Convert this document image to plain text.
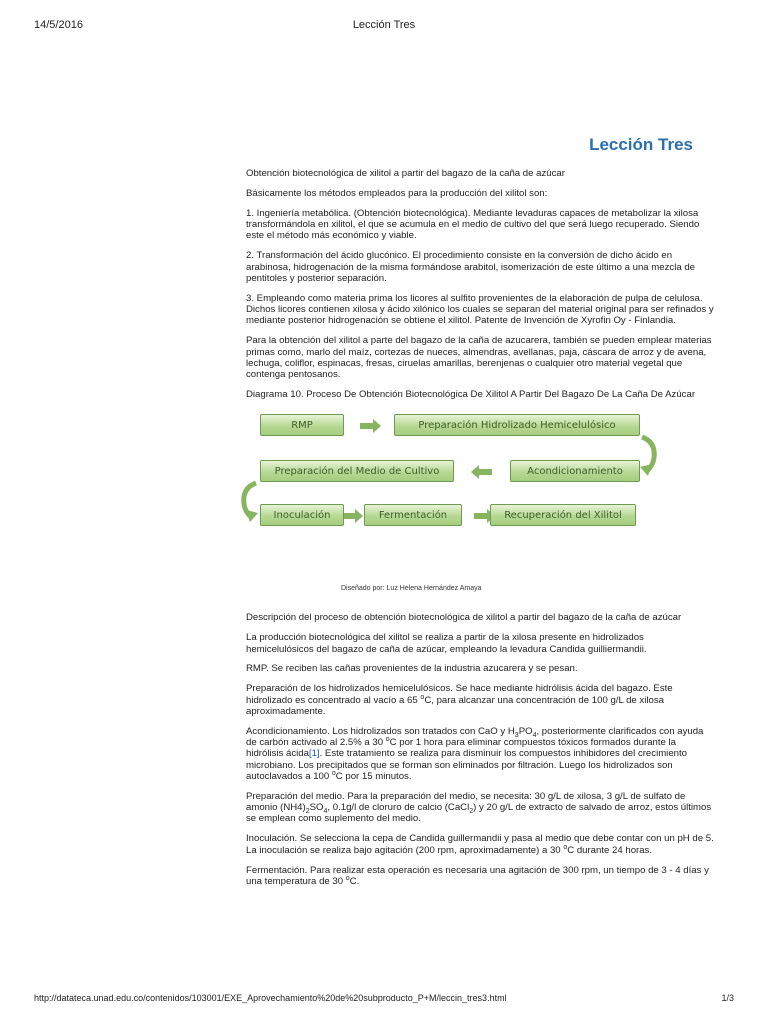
14/5/2016	Lección Tres
Lección Tres

Obtención biotecnológica de xilitol a partir del bagazo de la caña de azúcar

Básicamente los métodos empleados para la producción del xilitol son:

1. Ingeniería metabólica. (Obtención biotecnológica). Mediante levaduras capaces de metabolizar la xilosa transformándola en xilitol, el que se acumula en el medio de cultivo del que será luego recuperado. Siendo este el método más económico y viable.

2. Transformación del ácido glucónico. El procedimiento consiste en la conversión de dicho ácido en arabinosa, hidrogenación de la misma formándose arabitol, isomerización de este último a una mezcla de pentitoles y posterior separación.

3. Empleando como materia prima los licores al sulfito provenientes de la elaboración de pulpa de celulosa. Dichos licores contienen xilosa y ácido xilónico los cuales se separan del material original para ser refinados y mediante posterior hidrogenación se obtiene el xilitol. Patente de Invención de Xyrofin Oy - Finlandia.

Para la obtención del xilitol a parte del bagazo de la caña de azucarera, también se pueden emplear materias primas como, marlo del maíz, cortezas de nueces, almendras, avellanas, paja, cáscara de arroz y de avena, lechuga, coliflor, espinacas, fresas, ciruelas amarillas, berenjenas o cualquier otro material vegetal que contenga pentosanos.

Diagrama 10. Proceso De Obtención Biotecnológica De Xilitol A Partir Del Bagazo De La Caña De Azúcar

RMP	Preparación Hidrolizado Hemicelulósico
Preparación del Medio de Cultivo	Acondicionamiento
Inoculación	Fermentación	Recuperación del Xilitol
Diseñado por: Luz Helena Hernández Amaya

Descripción del proceso de obtención biotecnológica de xilitol a partir del bagazo de la caña de azúcar

La producción biotecnológica del xilitol se realiza a partir de la xilosa presente en hidrolizados hemicelulósicos del bagazo de caña de azúcar, empleando la levadura Candida guilliermandii.

RMP. Se reciben las cañas provenientes de la industria azucarera y se pesan.

Preparación de los hidrolizados hemicelulósicos. Se hace mediante hidrólisis ácida del bagazo. Este hidrolizado es concentrado al vacío a 65 $^o$C, para alcanzar una concentración de 100 g/L de xilosa aproximadamente.

Acondicionamiento. Los hidrolizados son tratados con CaO y $H_3PO_4$, posteriormente clarificados con ayuda de carbón activado al 2.5% a 30 $^o$C por 1 hora para eliminar compuestos tóxicos formados durante la hidrólisis ácida[1]. Este tratamiento se realiza para disminuir los compuestos inhibidores del crecimiento microbiano. Los precipitados que se forman son eliminados por filtración. Luego los hidrolizados son autoclavados a 100 $^o$C por 15 minutos.

Preparación del medio. Para la preparación del medio, se necesita: 30 g/L de xilosa, 3 g/L de sulfato de amonio $(NH4)_2SO_4$, 0.1g/l de cloruro de calcio (CaCl$_2$) y 20 g/L de extracto de salvado de arroz, estos últimos se emplean como suplemento del medio.

Inoculación. Se selecciona la cepa de Candida guillermandii y pasa al medio que debe contar con un pH de 5. La inoculación se realiza bajo agitación (200 rpm, aproximadamente) a 30 $^o$C durante 24 horas.

Fermentación. Para realizar esta operación es necesaria una agitación de 300 rpm, un tiempo de 3 - 4 días y una temperatura de 30 $^o$C.

http://datateca.unad.edu.co/contenidos/103001/EXE_Aprovechamiento%20de%20subproducto_P+M/leccin_tres3.html	1/3
